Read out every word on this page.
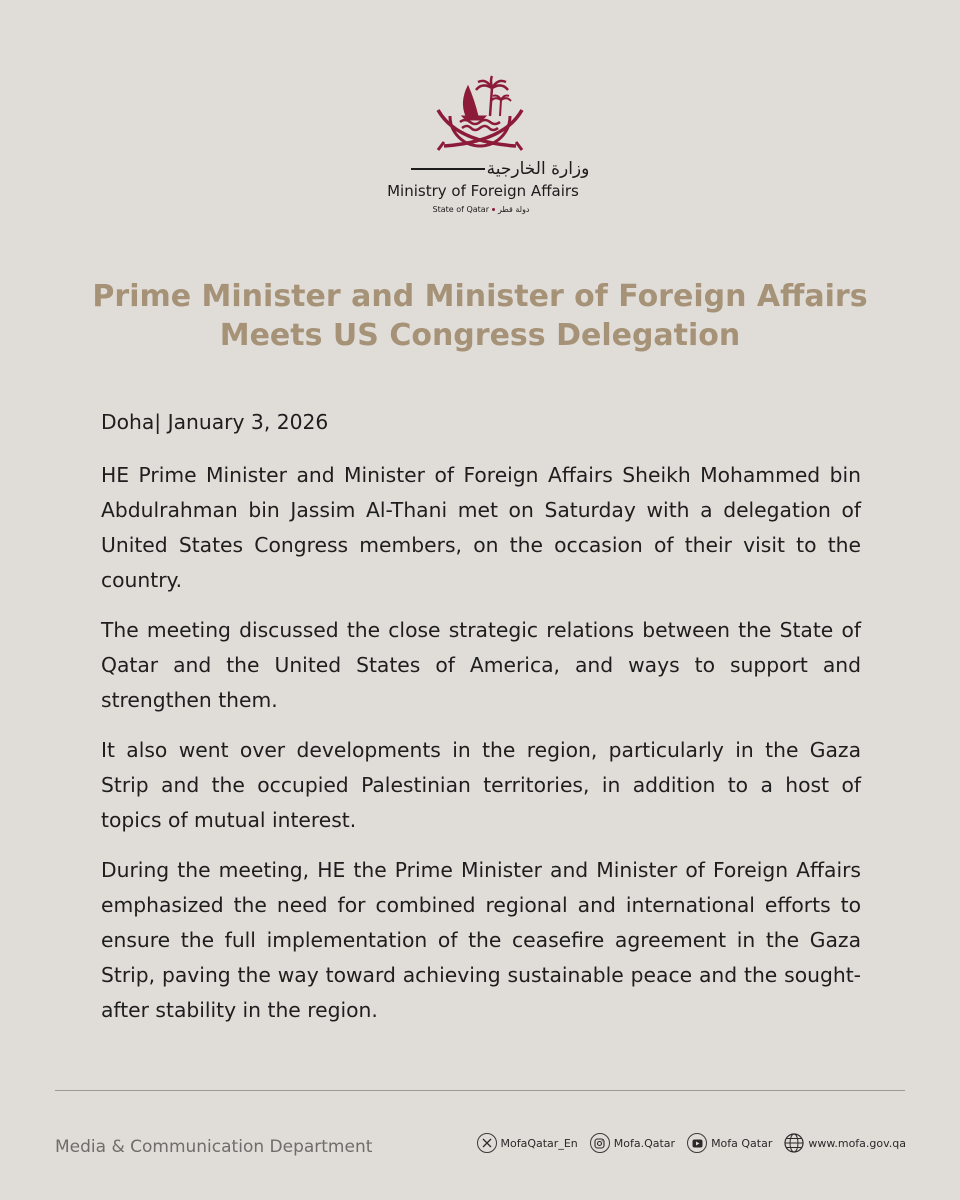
وزارة الخارجية
Ministry of Foreign Affairs
State of Qatar دولة قطر
Prime Minister and Minister of Foreign Affairs
Meets US Congress Delegation

Doha| January 3, 2026

HE Prime Minister and Minister of Foreign Affairs Sheikh Mohammed bin Abdulrahman bin Jassim Al-Thani met on Saturday with a delegation of United States Congress members, on the occasion of their visit to the country.

The meeting discussed the close strategic relations between the State of Qatar and the United States of America, and ways to support and strengthen them.

It also went over developments in the region, particularly in the Gaza Strip and the occupied Palestinian territories, in addition to a host of topics of mutual interest.

During the meeting, HE the Prime Minister and Minister of Foreign Affairs emphasized the need for combined regional and international efforts to ensure the full implementation of the ceasefire agreement in the Gaza Strip, paving the way toward achieving sustainable peace and the sought-after stability in the region.

Media & Communication Department	MofaQatar_En	Mofa.Qatar	Mofa Qatar	www.mofa.gov.qa
